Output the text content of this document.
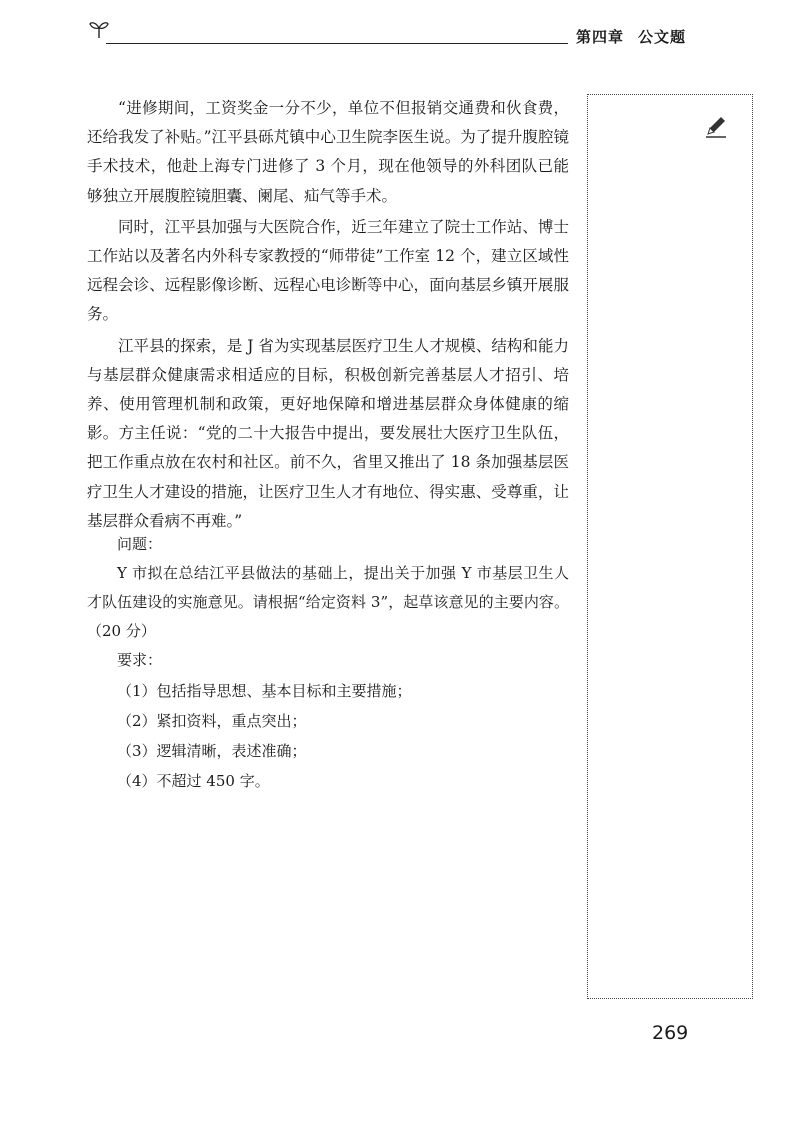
第四章 公文题

“进修期间，工资奖金一分不少，单位不但报销交通费和伙食费，还给我发了补贴。”江平县砾芃镇中心卫生院李医生说。为了提升腹腔镜手术技术，他赴上海专门进修了 3 个月，现在他领导的外科团队已能够独立开展腹腔镜胆囊、阑尾、疝气等手术。

同时，江平县加强与大医院合作，近三年建立了院士工作站、博士工作站以及著名内外科专家教授的“师带徒”工作室 12 个，建立区域性远程会诊、远程影像诊断、远程心电诊断等中心，面向基层乡镇开展服务。

江平县的探索，是 J 省为实现基层医疗卫生人才规模、结构和能力与基层群众健康需求相适应的目标，积极创新完善基层人才招引、培养、使用管理机制和政策，更好地保障和增进基层群众身体健康的缩影。方主任说：“党的二十大报告中提出，要发展壮大医疗卫生队伍，把工作重点放在农村和社区。前不久，省里又推出了 18 条加强基层医疗卫生人才建设的措施，让医疗卫生人才有地位、得实惠、受尊重，让基层群众看病不再难。”

问题：

Y 市拟在总结江平县做法的基础上，提出关于加强 Y 市基层卫生人才队伍建设的实施意见。请根据“给定资料 3”，起草该意见的主要内容。（20 分）

要求：

（1）包括指导思想、基本目标和主要措施；

（2）紧扣资料，重点突出；

（3）逻辑清晰，表述准确；

（4）不超过 450 字。

269
